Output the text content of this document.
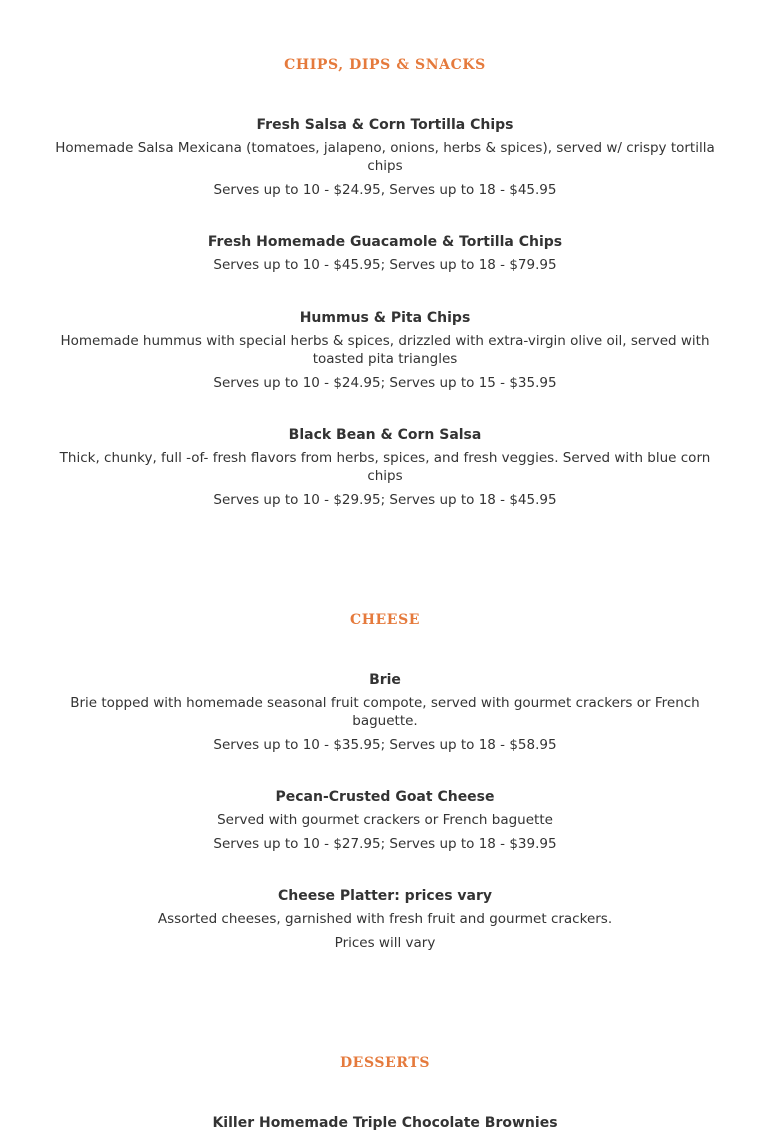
CHIPS, DIPS & SNACKS

Fresh Salsa & Corn Tortilla Chips

Homemade Salsa Mexicana (tomatoes, jalapeno, onions, herbs & spices), served w/ crispy tortilla chips

Serves up to 10 - $24.95, Serves up to 18 - $45.95

Fresh Homemade Guacamole & Tortilla Chips

Serves up to 10 - $45.95; Serves up to 18 - $79.95

Hummus & Pita Chips

Homemade hummus with special herbs & spices, drizzled with extra-virgin olive oil, served with toasted pita triangles

Serves up to 10 - $24.95; Serves up to 15 - $35.95

Black Bean & Corn Salsa

Thick, chunky, full -of- fresh flavors from herbs, spices, and fresh veggies. Served with blue corn chips

Serves up to 10 - $29.95; Serves up to 18 - $45.95

CHEESE

Brie

Brie topped with homemade seasonal fruit compote, served with gourmet crackers or French baguette.

Serves up to 10 - $35.95; Serves up to 18 - $58.95

Pecan-Crusted Goat Cheese

Served with gourmet crackers or French baguette

Serves up to 10 - $27.95; Serves up to 18 - $39.95

Cheese Platter: prices vary

Assorted cheeses, garnished with fresh fruit and gourmet crackers.

Prices will vary

DESSERTS

Killer Homemade Triple Chocolate Brownies
